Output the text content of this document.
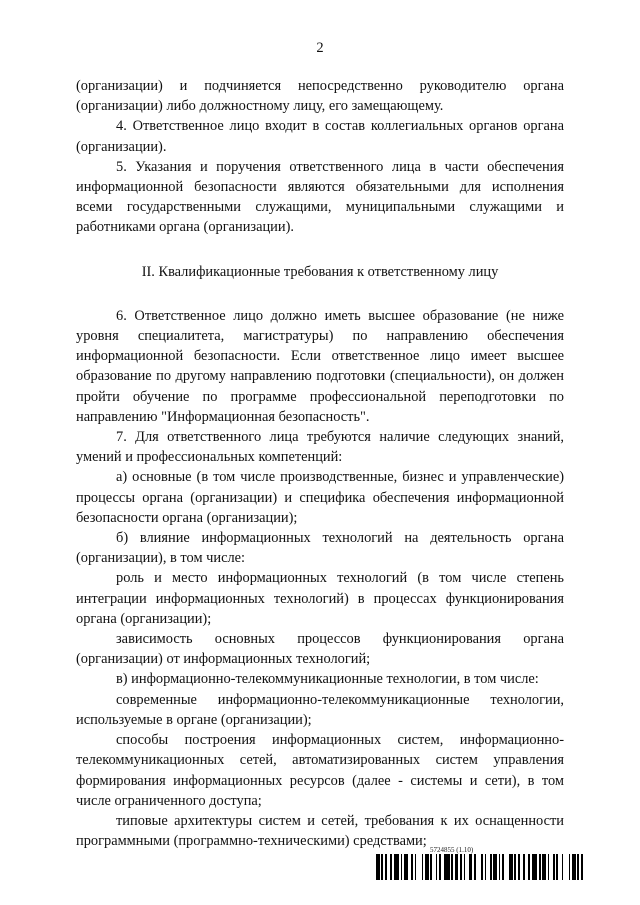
2

(организации) и подчиняется непосредственно руководителю органа (организации) либо должностному лицу, его замещающему.

4. Ответственное лицо входит в состав коллегиальных органов органа (организации).

5. Указания и поручения ответственного лица в части обеспечения информационной безопасности являются обязательными для исполнения всеми государственными служащими, муниципальными служащими и работниками органа (организации).

II. Квалификационные требования к ответственному лицу

6. Ответственное лицо должно иметь высшее образование (не ниже уровня специалитета, магистратуры) по направлению обеспечения информационной безопасности. Если ответственное лицо имеет высшее образование по другому направлению подготовки (специальности), он должен пройти обучение по программе профессиональной переподготовки по направлению "Информационная безопасность".

7. Для ответственного лица требуются наличие следующих знаний, умений и профессиональных компетенций:

а) основные (в том числе производственные, бизнес и управленческие) процессы органа (организации) и специфика обеспечения информационной безопасности органа (организации);

б) влияние информационных технологий на деятельность органа (организации), в том числе:

роль и место информационных технологий (в том числе степень интеграции информационных технологий) в процессах функционирования органа (организации);

зависимость основных процессов функционирования органа (организации) от информационных технологий;

в) информационно-телекоммуникационные технологии, в том числе:

современные информационно-телекоммуникационные технологии, используемые в органе (организации);

способы построения информационных систем, информационно-телекоммуникационных сетей, автоматизированных систем управления формирования информационных ресурсов (далее - системы и сети), в том числе ограниченного доступа;

типовые архитектуры систем и сетей, требования к их оснащенности программными (программно-техническими) средствами;

5724855 (1.10)
